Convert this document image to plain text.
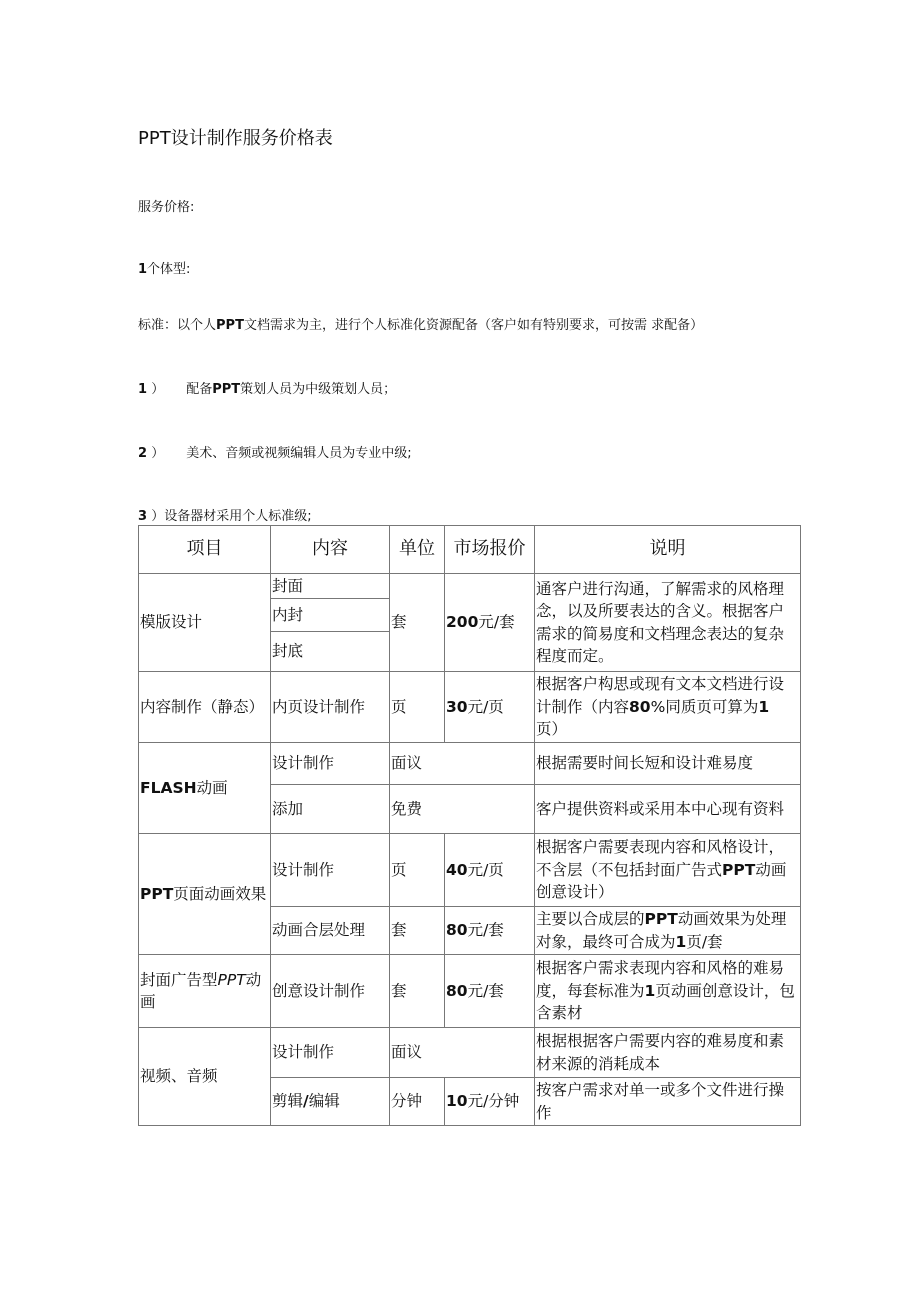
PPT设计制作服务价格表
服务价格:
1个体型:
标准：以个人PPT文档需求为主，进行个人标准化资源配备（客户如有特别要求，可按需 求配备）
1 ） 配备PPT策划人员为中级策划人员；
2 ） 美术、音频或视频编辑人员为专业中级;
3 ）设备器材采用个人标准级;
项目	内容	单位	市场报价	说明
模版设计	封面	套	200元/套	通客户进行沟通，了解需求的风格理念，以及所要表达的含义。根据客户需求的简易度和文档理念表达的复杂程度而定。
	内封			
	封底			
内容制作（静态）	内页设计制作	页	30元/页	根据客户构思或现有文本文档进行设计制作（内容80%同质页可算为1页）
FLASH动画	设计制作	面议		根据需要时间长短和设计难易度
	添加	免费		客户提供资料或采用本中心现有资料
PPT页面动画效果	设计制作	页	40元/页	根据客户需要表现内容和风格设计，不含层（不包括封面广告式PPT动画创意设计）
	动画合层处理	套	80元/套	主要以合成层的PPT动画效果为处理对象，最终可合成为1页/套
封面广告型PPT动画	创意设计制作	套	80元/套	根据客户需求表现内容和风格的难易度，每套标准为1页动画创意设计，包含素材
视频、音频	设计制作	面议		根据根据客户需要内容的难易度和素材来源的消耗成本
	剪辑/编辑	分钟	10元/分钟	按客户需求对单一或多个文件进行操作
